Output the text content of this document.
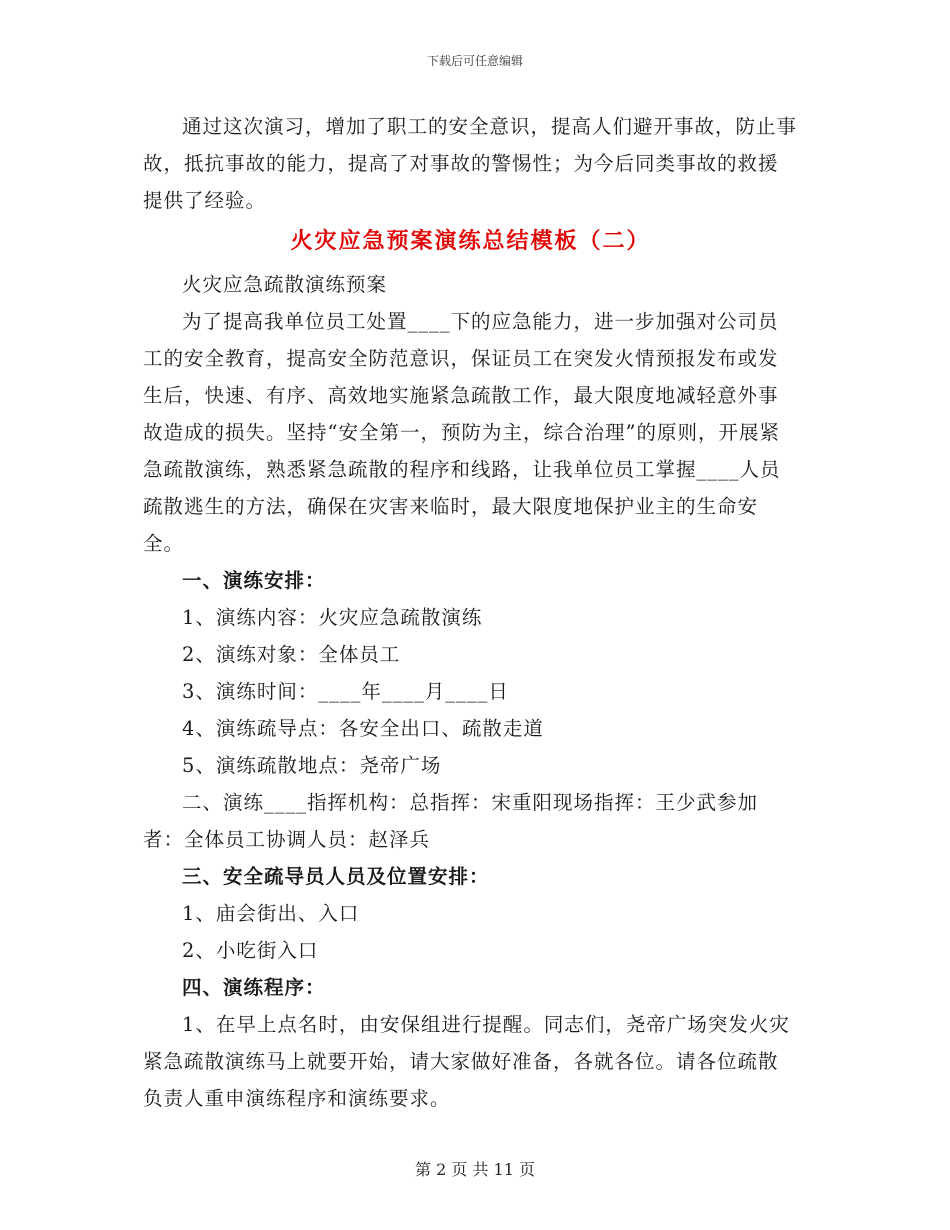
下载后可任意编辑

通过这次演习，增加了职工的安全意识，提高人们避开事故，防止事故，抵抗事故的能力，提高了对事故的警惕性；为今后同类事故的救援提供了经验。

火灾应急预案演练总结模板（二）

火灾应急疏散演练预案

为了提高我单位员工处置____下的应急能力，进一步加强对公司员工的安全教育，提高安全防范意识，保证员工在突发火情预报发布或发生后，快速、有序、高效地实施紧急疏散工作，最大限度地减轻意外事故造成的损失。坚持“安全第一，预防为主，综合治理”的原则，开展紧急疏散演练，熟悉紧急疏散的程序和线路，让我单位员工掌握____人员疏散逃生的方法，确保在灾害来临时，最大限度地保护业主的生命安全。

一、演练安排：

1、演练内容：火灾应急疏散演练

2、演练对象：全体员工

3、演练时间：____年____月____日

4、演练疏导点：各安全出口、疏散走道

5、演练疏散地点：尧帝广场

二、演练____指挥机构：总指挥：宋重阳现场指挥：王少武参加者：全体员工协调人员：赵泽兵

三、安全疏导员人员及位置安排：

1、庙会街出、入口

2、小吃街入口

四、演练程序：

1、在早上点名时，由安保组进行提醒。同志们，尧帝广场突发火灾紧急疏散演练马上就要开始，请大家做好准备，各就各位。请各位疏散负责人重申演练程序和演练要求。

第 2 页 共 11 页
